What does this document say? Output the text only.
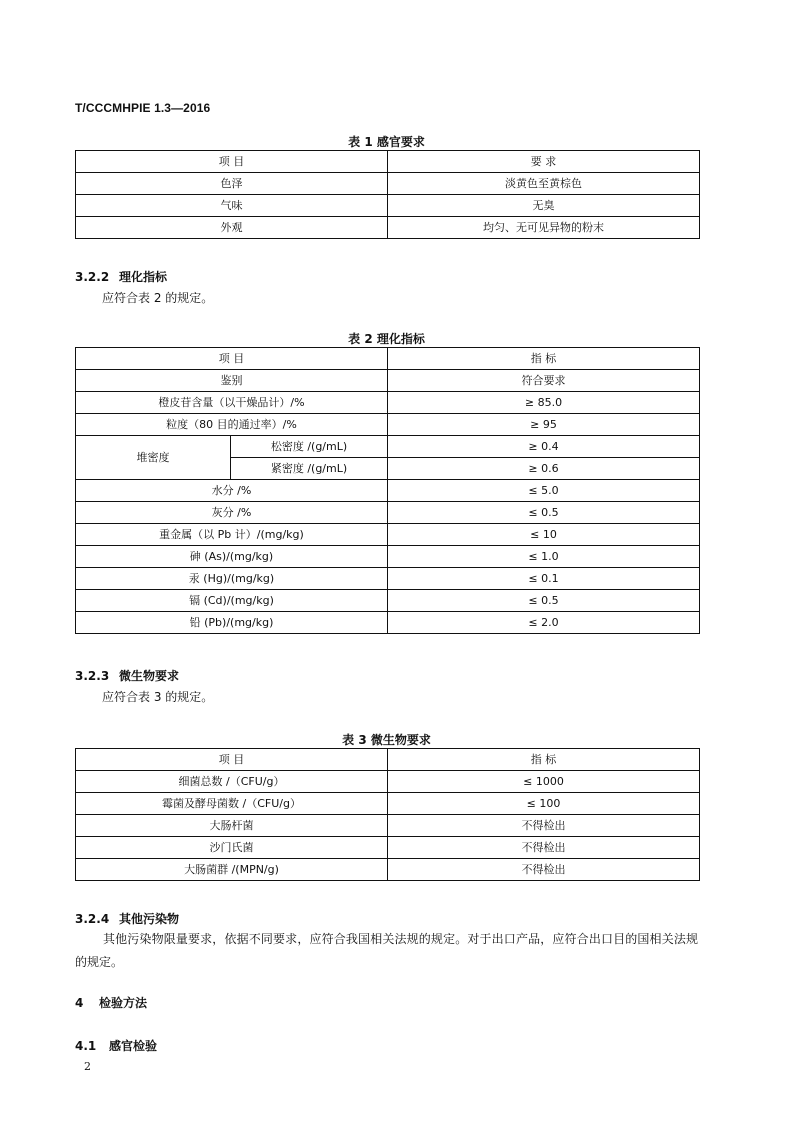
T/CCCMHPIE 1.3—2016
表 1 感官要求
项 目	要 求
色泽	淡黄色至黄棕色
气味	无臭
外观	均匀、无可见异物的粉末
3.2.2 理化指标
应符合表 2 的规定。
表 2 理化指标
项 目		指 标
鉴别		符合要求
橙皮苷含量（以干燥品计）/%		≥ 85.0
粒度（80 目的通过率）/%		≥ 95
堆密度	松密度 /(g/mL)	≥ 0.4
	紧密度 /(g/mL)	≥ 0.6
水分 /%		≤ 5.0
灰分 /%		≤ 0.5
重金属（以 Pb 计）/(mg/kg)		≤ 10
砷 (As)/(mg/kg)		≤ 1.0
汞 (Hg)/(mg/kg)		≤ 0.1
镉 (Cd)/(mg/kg)		≤ 0.5
铅 (Pb)/(mg/kg)		≤ 2.0
3.2.3 微生物要求
应符合表 3 的规定。
表 3 微生物要求
项 目	指 标
细菌总数 /（CFU/g）	≤ 1000
霉菌及酵母菌数 /（CFU/g）	≤ 100
大肠杆菌	不得检出
沙门氏菌	不得检出
大肠菌群 /(MPN/g)	不得检出
3.2.4 其他污染物
其他污染物限量要求，依据不同要求，应符合我国相关法规的规定。对于出口产品，应符合出口目的国相关法规的规定。
4 检验方法
4.1 感官检验
2
